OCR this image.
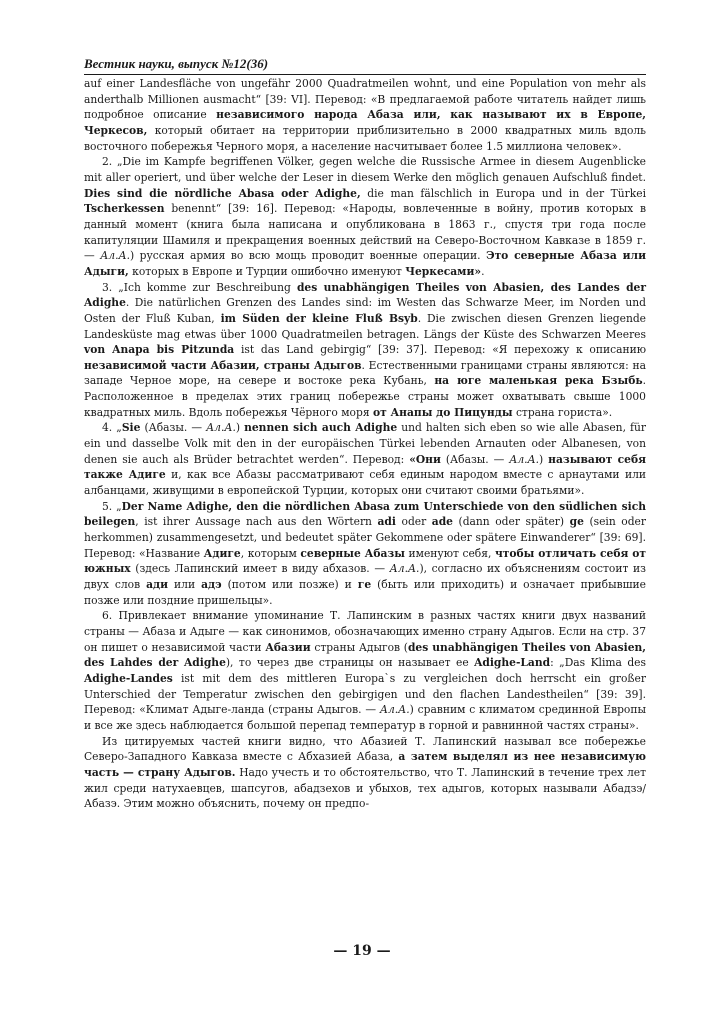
Вестник науки, выпуск №12(36)

auf einer Landesfläche von ungefähr 2000 Quadratmeilen wohnt, und eine Population von mehr als anderthalb Millionen ausmacht“ [39: VI]. Перевод: «В предлагаемой работе читатель найдет лишь подробное описание независимого народа Абаза или, как называют их в Европе, Черкесов, который обитает на территории приблизительно в 2000 квадратных миль вдоль восточного побережья Черного моря, а население насчитывает более 1.5 миллиона человек».

2. „Die im Kampfe begriffenen Völker, gegen welche die Russische Armee in diesem Augenblicke mit aller operiert, und über welche der Leser in diesem Werke den möglich genauen Aufschluß findet. Dies sind die nördliche Abasa oder Adighe, die man fälschlich in Europa und in der Türkei Tscherkessen benennt“ [39: 16]. Перевод: «Народы, вовлеченные в войну, против которых в данный момент (книга была написана и опубликована в 1863 г., спустя три года после капитуляции Шамиля и прекращения военных действий на Северо-Восточном Кавказе в 1859 г. — Ал.А.) русская армия во всю мощь проводит военные операции. Это северные Абаза или Адыги, которых в Европе и Турции ошибочно именуют Черкесами».

3. „Ich komme zur Beschreibung des unabhängigen Theiles von Abasien, des Landes der Adighe. Die natürlichen Grenzen des Landes sind: im Westen das Schwarze Meer, im Norden und Osten der Fluß Kuban, im Süden der kleine Fluß Bsyb. Die zwischen diesen Grenzen liegende Landesküste mag etwas über 1000 Quadratmeilen betragen. Längs der Küste des Schwarzen Meeres von Anapa bis Pitzunda ist das Land gebirgig“ [39: 37]. Перевод: «Я перехожу к описанию независимой части Абазии, страны Адыгов. Естественными границами страны являются: на западе Черное море, на севере и востоке река Кубань, на юге маленькая река Бзыбь. Расположенное в пределах этих границ побережье страны может охватывать свыше 1000 квадратных миль. Вдоль побережья Чёрного моря от Анапы до Пицунды страна гориста».

4. „Sie (Абазы. — Ал.А.) nennen sich auch Adighe und halten sich eben so wie alle Abasen, für ein und dasselbe Volk mit den in der europäischen Türkei lebenden Arnauten oder Albanesen, von denen sie auch als Brüder betrachtet werden“. Перевод: «Они (Абазы. — Ал.А.) называют себя также Адиге и, как все Абазы рассматривают себя единым народом вместе с арнаутами или албанцами, живущими в европейской Турции, которых они считают своими братьями».

5. „Der Name Adighe, den die nördlichen Abasa zum Unterschiede von den südlichen sich beilegen, ist ihrer Aussage nach aus den Wörtern adi oder ade (dann oder später) ge (sein oder herkommen) zusammengesetzt, und bedeutet später Gekommene oder spätere Einwanderer“ [39: 69]. Перевод: «Название Адиге, которым северные Абазы именуют себя, чтобы отличать себя от южных (здесь Лапинский имеет в виду абхазов. — Ал.А.), согласно их объяснениям состоит из двух слов ади или адэ (потом или позже) и гe (быть или приходить) и означает прибывшие позже или поздние пришельцы».

6. Привлекает внимание упоминание Т. Лапинским в разных частях книги двух названий страны — Абаза и Адыге — как синонимов, обозначающих именно страну Адыгов. Если на стр. 37 он пишет о независимой части Абазии страны Адыгов (des unabhängigen Theiles von Abasien, des Lahdes der Adighe), то через две страницы он называет ее Adighe-Land: „Das Klima des Adighe-Landes ist mit dem des mittleren Europa`s zu vergleichen doch herrscht ein großer Unterschied der Temperatur zwischen den gebirgigen und den flachen Landestheilen“ [39: 39]. Перевод: «Климат Адыге-ланда (страны Адыгов. — Ал.А.) сравним с климатом срединной Европы и все же здесь наблюдается большой перепад температур в горной и равнинной частях страны».

Из цитируемых частей книги видно, что Абазией Т. Лапинский называл все побережье Северо-Западного Кавказа вместе с Абхазией Абаза, а затем выделял из нее независимую часть — страну Адыгов. Надо учесть и то обстоятельство, что Т. Лапинский в течение трех лет жил среди натухаевцев, шапсугов, абадзехов и убыхов, тех адыгов, которых называли Абадзэ/Абазэ. Этим можно объяснить, почему он предпо-

— 19 —
